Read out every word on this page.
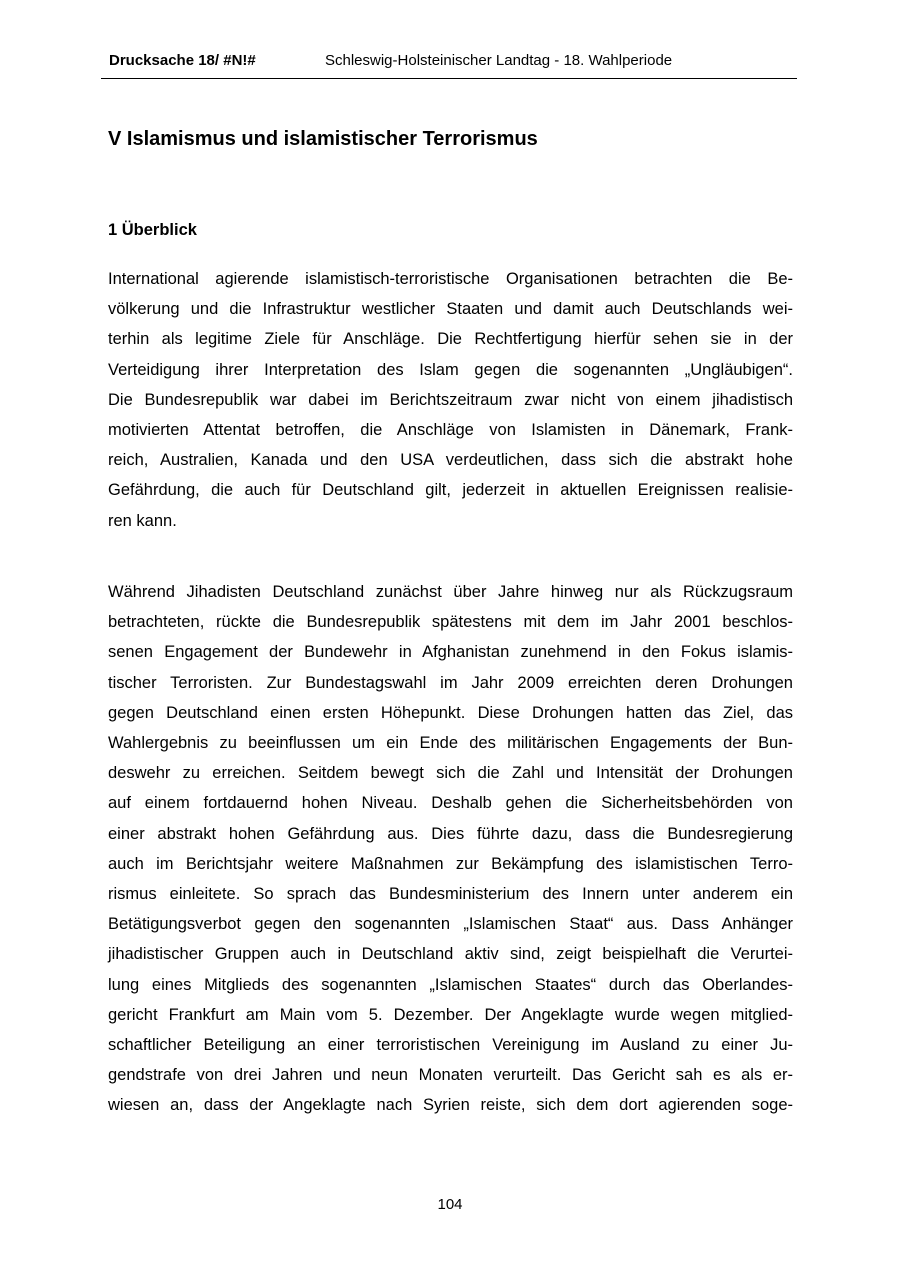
Drucksache 18/ #N!#	Schleswig-Holsteinischer Landtag - 18. Wahlperiode
V Islamismus und islamistischer Terrorismus
1 Überblick

International agierende islamistisch-terroristische Organisationen betrachten die Be-
völkerung und die Infrastruktur westlicher Staaten und damit auch Deutschlands wei-
terhin als legitime Ziele für Anschläge. Die Rechtfertigung hierfür sehen sie in der
Verteidigung ihrer Interpretation des Islam gegen die sogenannten „Ungläubigen“.
Die Bundesrepublik war dabei im Berichtszeitraum zwar nicht von einem jihadistisch
motivierten Attentat betroffen, die Anschläge von Islamisten in Dänemark, Frank-
reich, Australien, Kanada und den USA verdeutlichen, dass sich die abstrakt hohe
Gefährdung, die auch für Deutschland gilt, jederzeit in aktuellen Ereignissen realisie-
ren kann.

Während Jihadisten Deutschland zunächst über Jahre hinweg nur als Rückzugsraum
betrachteten, rückte die Bundesrepublik spätestens mit dem im Jahr 2001 beschlos-
senen Engagement der Bundewehr in Afghanistan zunehmend in den Fokus islamis-
tischer Terroristen. Zur Bundestagswahl im Jahr 2009 erreichten deren Drohungen
gegen Deutschland einen ersten Höhepunkt. Diese Drohungen hatten das Ziel, das
Wahlergebnis zu beeinflussen um ein Ende des militärischen Engagements der Bun-
deswehr zu erreichen. Seitdem bewegt sich die Zahl und Intensität der Drohungen
auf einem fortdauernd hohen Niveau. Deshalb gehen die Sicherheitsbehörden von
einer abstrakt hohen Gefährdung aus. Dies führte dazu, dass die Bundesregierung
auch im Berichtsjahr weitere Maßnahmen zur Bekämpfung des islamistischen Terro-
rismus einleitete. So sprach das Bundesministerium des Innern unter anderem ein
Betätigungsverbot gegen den sogenannten „Islamischen Staat“ aus. Dass Anhänger
jihadistischer Gruppen auch in Deutschland aktiv sind, zeigt beispielhaft die Verurtei-
lung eines Mitglieds des sogenannten „Islamischen Staates“ durch das Oberlandes-
gericht Frankfurt am Main vom 5. Dezember. Der Angeklagte wurde wegen mitglied-
schaftlicher Beteiligung an einer terroristischen Vereinigung im Ausland zu einer Ju-
gendstrafe von drei Jahren und neun Monaten verurteilt. Das Gericht sah es als er-
wiesen an, dass der Angeklagte nach Syrien reiste, sich dem dort agierenden soge-

104
